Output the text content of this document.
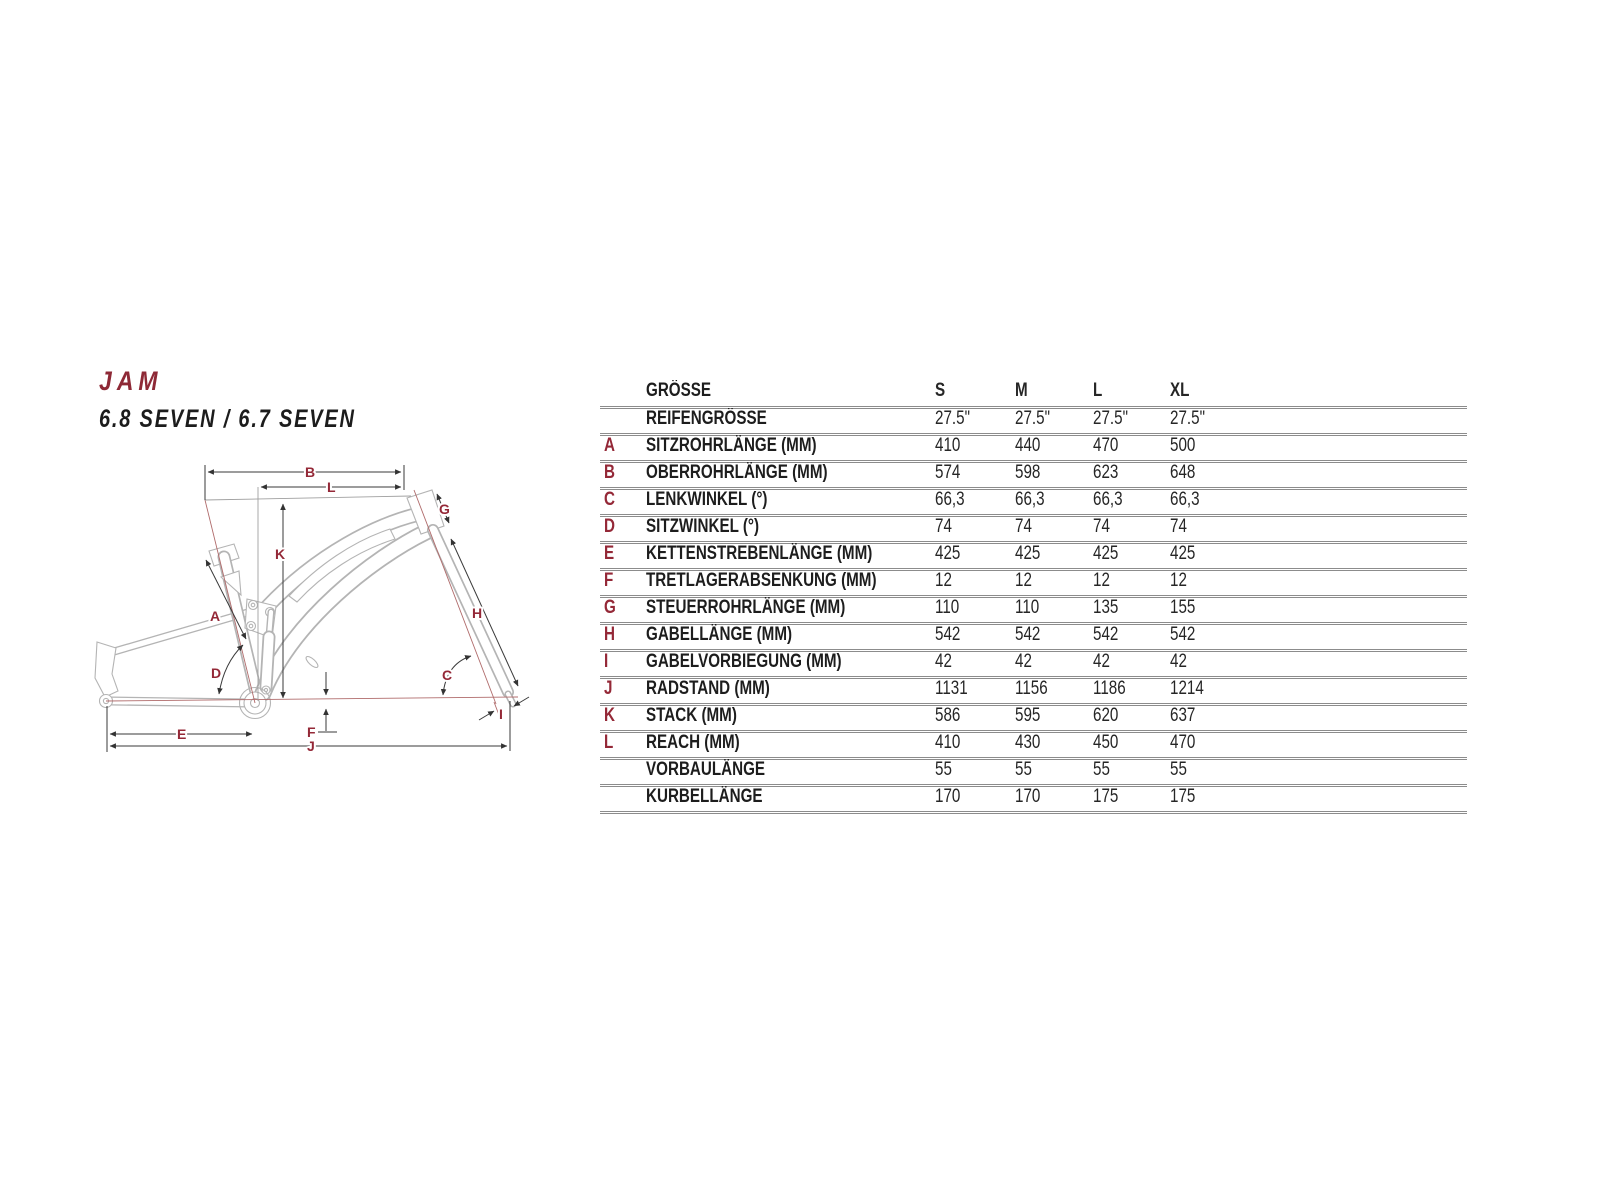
JAM
6.8 SEVEN / 6.7 SEVEN
A
B
C
D
E	F
G
H
I
J
K
L
GRÖSSE	S	M	L	XL
REIFENGRÖSSE	27.5"	27.5"	27.5"	27.5"
A	SITZROHRLÄNGE (MM)	410	440	470	500
B	OBERROHRLÄNGE (MM)	574	598	623	648
C	LENKWINKEL (°)	66,3	66,3	66,3	66,3
D	SITZWINKEL (°)	74	74	74	74
E	KETTENSTREBENLÄNGE (MM)	425	425	425	425
F	TRETLAGERABSENKUNG (MM)	12	12	12	12
G	STEUERROHRLÄNGE (MM)	110	110	135	155
H	GABELLÄNGE (MM)	542	542	542	542
I	GABELVORBIEGUNG (MM)	42	42	42	42
J	RADSTAND (MM)	1131	1156	1186	1214
K	STACK (MM)	586	595	620	637
L	REACH (MM)	410	430	450	470
VORBAULÄNGE	55	55	55	55
KURBELLÄNGE	170	170	175	175
